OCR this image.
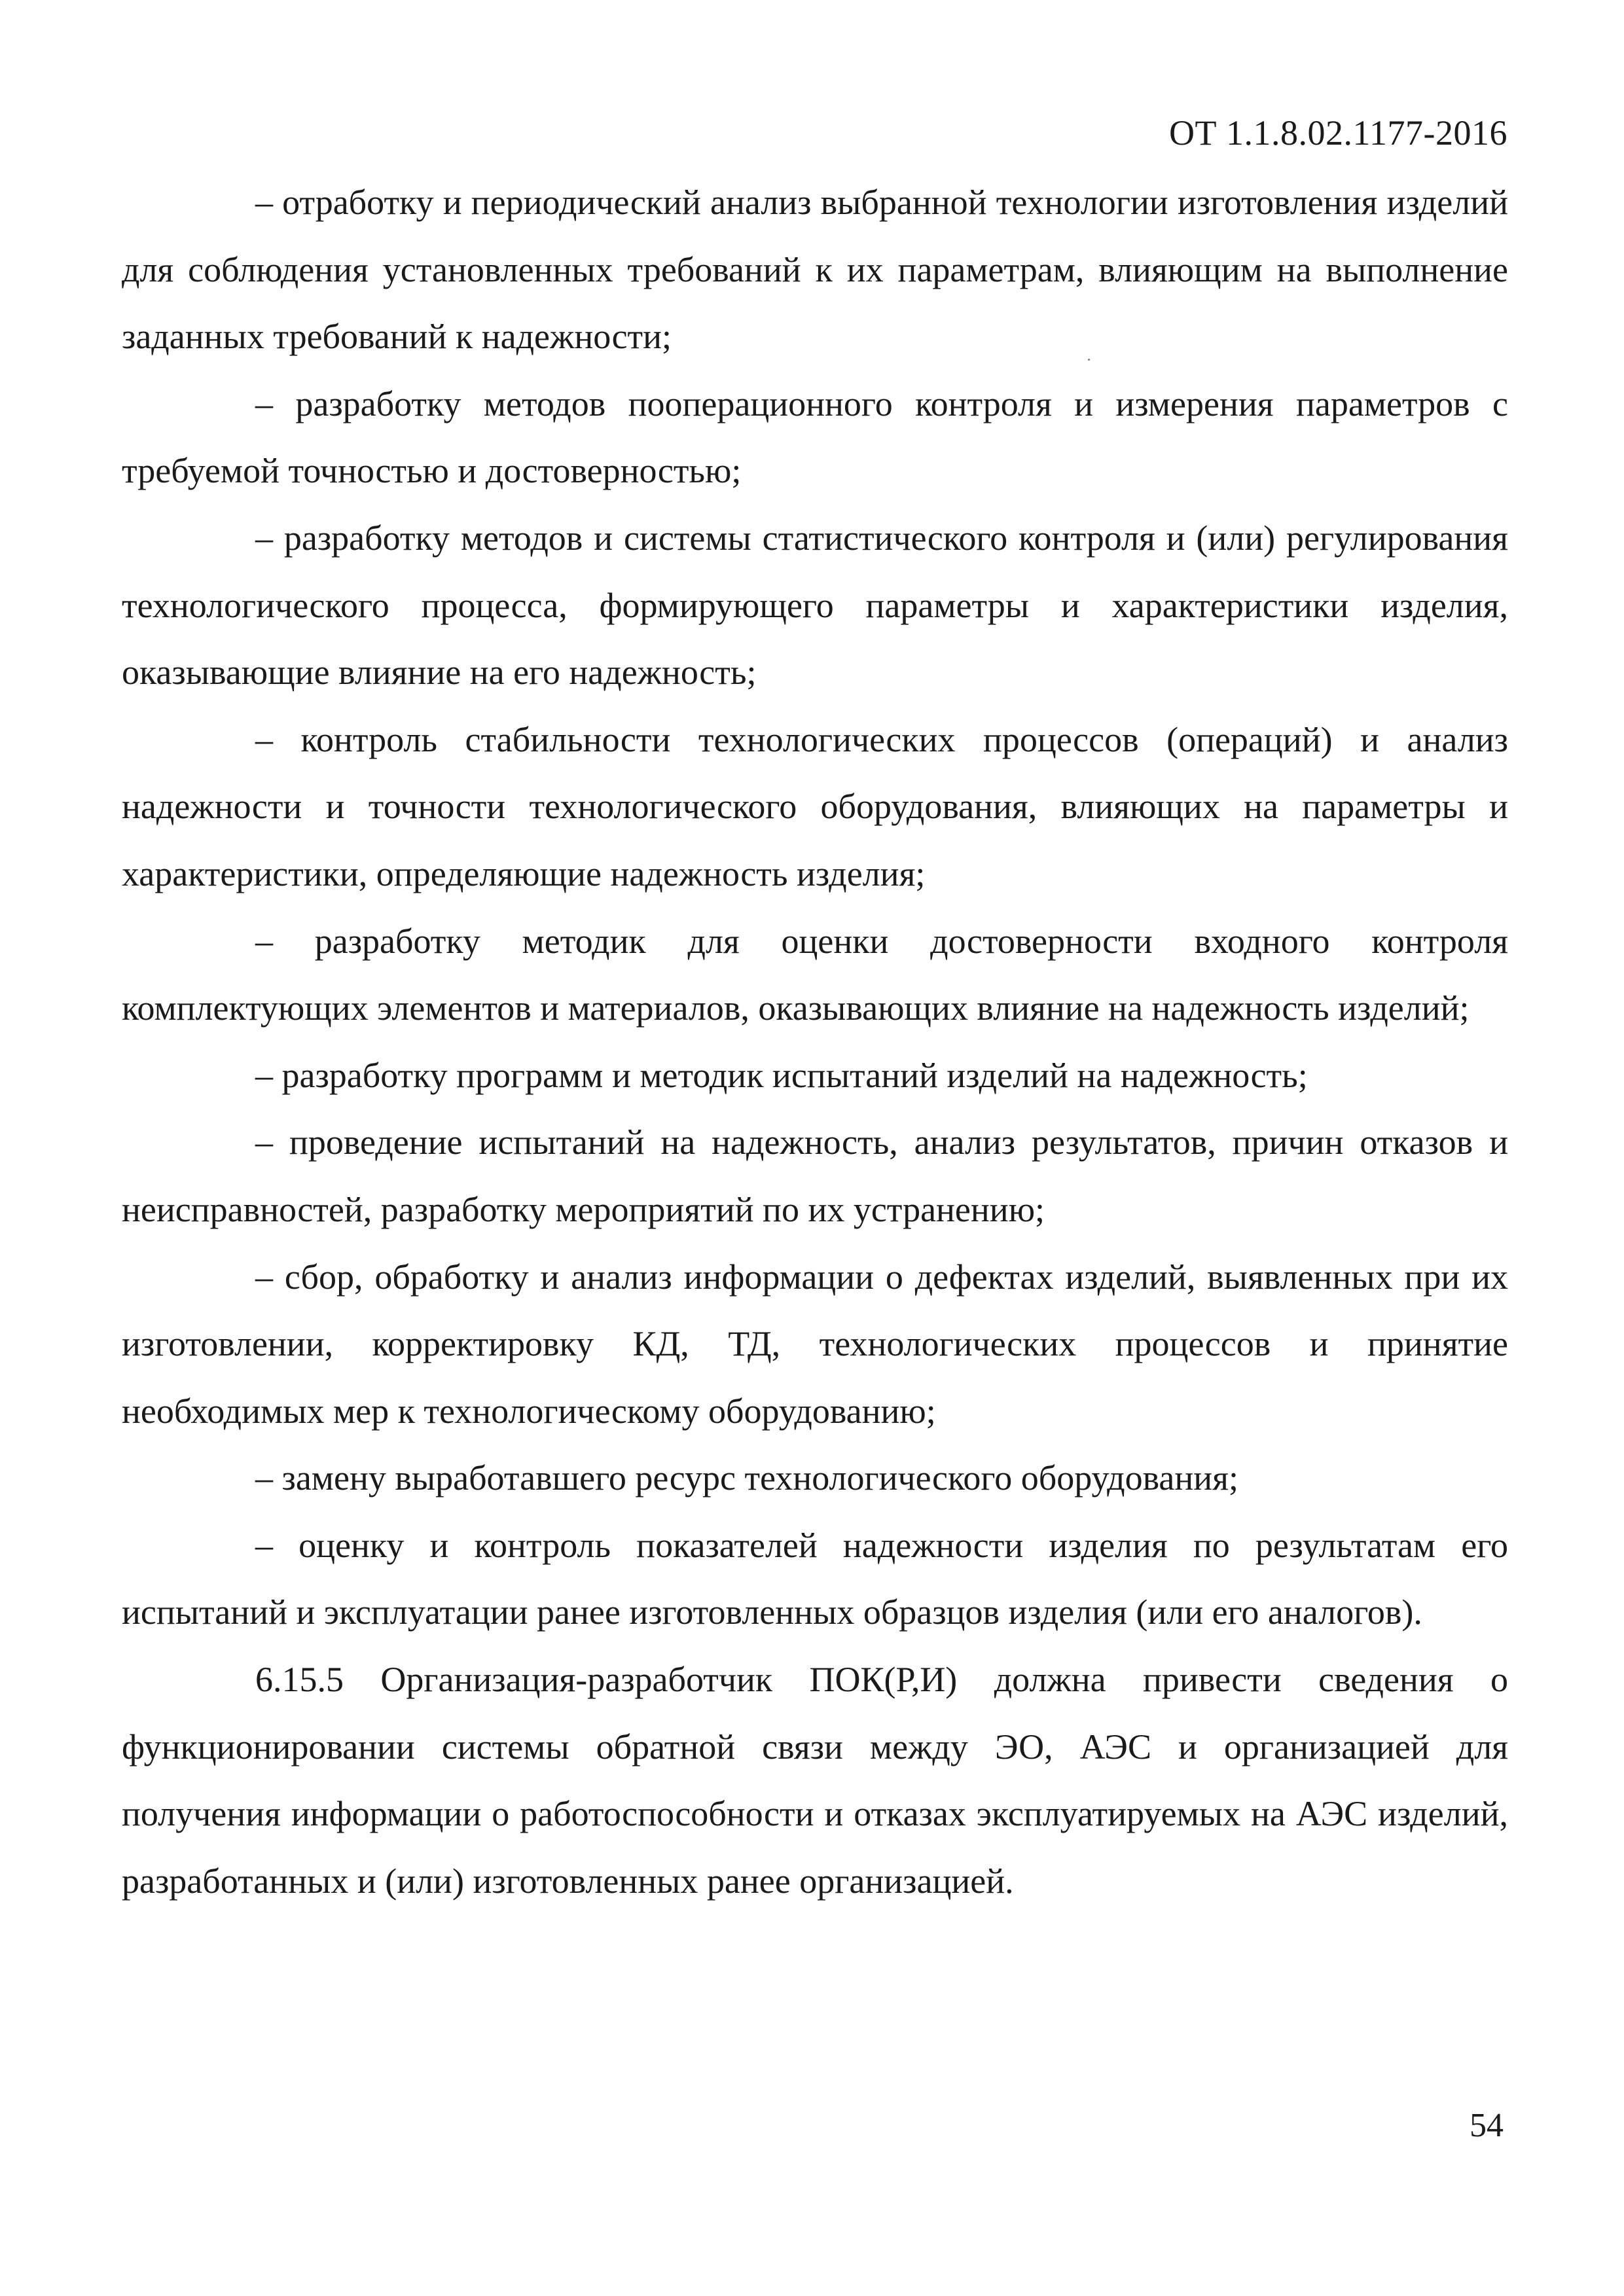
ОТ 1.1.8.02.1177-2016

– отработку и периодический анализ выбранной технологии изготовления изделий для соблюдения установленных требований к их параметрам, влияющим на выполнение заданных требований к надежности;

– разработку методов пооперационного контроля и измерения параметров с требуемой точностью и достоверностью;

– разработку методов и системы статистического контроля и (или) регулирования технологического процесса, формирующего параметры и характеристики изделия, оказывающие влияние на его надежность;

– контроль стабильности технологических процессов (операций) и анализ надежности и точности технологического оборудования, влияющих на параметры и характеристики, определяющие надежность изделия;

– разработку методик для оценки достоверности входного контроля комплектующих элементов и материалов, оказывающих влияние на надежность изделий;

– разработку программ и методик испытаний изделий на надежность;

– проведение испытаний на надежность, анализ результатов, причин отказов и неисправностей, разработку мероприятий по их устранению;

– сбор, обработку и анализ информации о дефектах изделий, выявленных при их изготовлении, корректировку КД, ТД, технологических процессов и принятие необходимых мер к технологическому оборудованию;

– замену выработавшего ресурс технологического оборудования;

– оценку и контроль показателей надежности изделия по результатам его испытаний и эксплуатации ранее изготовленных образцов изделия (или его аналогов).

6.15.5 Организация-разработчик ПОК(Р,И) должна привести сведения о функционировании системы обратной связи между ЭО, АЭС и организацией для получения информации о работоспособности и отказах эксплуатируемых на АЭС изделий, разработанных и (или) изготовленных ранее организацией.

54
